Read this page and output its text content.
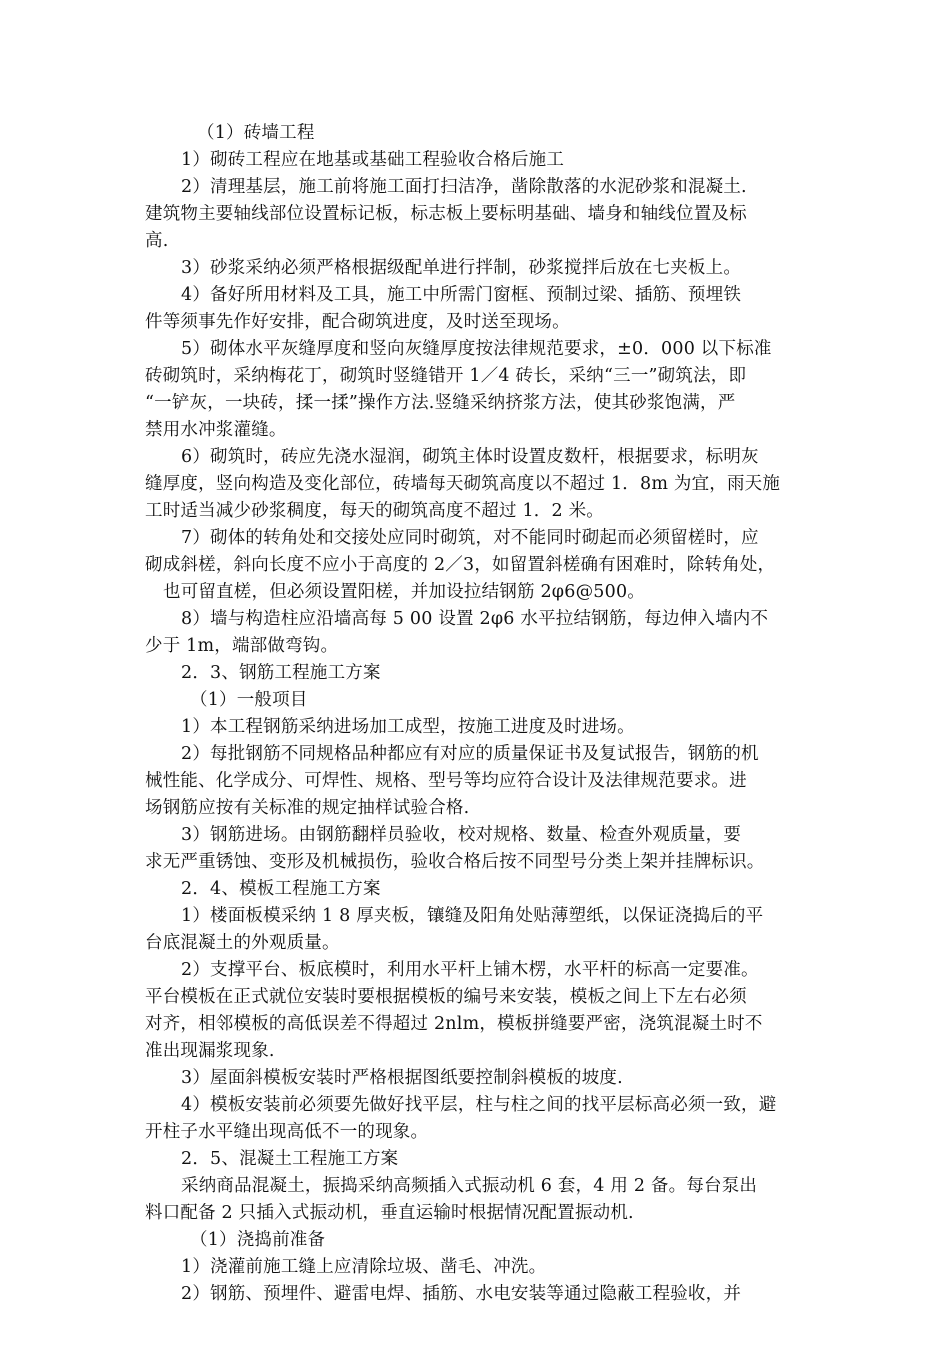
（1）砖墙工程
1）砌砖工程应在地基或基础工程验收合格后施工
2）清理基层，施工前将施工面打扫洁净，凿除散落的水泥砂浆和混凝土.
建筑物主要轴线部位设置标记板，标志板上要标明基础、墙身和轴线位置及标
高.
3）砂浆采纳必须严格根据级配单进行拌制，砂浆搅拌后放在七夹板上。
4）备好所用材料及工具，施工中所需门窗框、预制过梁、插筋、预埋铁
件等须事先作好安排，配合砌筑进度，及时送至现场。
5）砌体水平灰缝厚度和竖向灰缝厚度按法律规范要求，±0．000 以下标准
砖砌筑时，采纳梅花丁，砌筑时竖缝错开 1／4 砖长，采纳“三一”砌筑法，即
“一铲灰，一块砖，揉一揉”操作方法.竖缝采纳挤浆方法，使其砂浆饱满，严
禁用水冲浆灌缝。
6）砌筑时，砖应先浇水湿润，砌筑主体时设置皮数杆，根据要求，标明灰
缝厚度，竖向构造及变化部位，砖墙每天砌筑高度以不超过 1．8m 为宜，雨天施
工时适当减少砂浆稠度，每天的砌筑高度不超过 1．2 米。
7）砌体的转角处和交接处应同时砌筑，对不能同时砌起而必须留槎时，应
砌成斜槎，斜向长度不应小于高度的 2／3，如留置斜槎确有困难时，除转角处，
也可留直槎，但必须设置阳槎，并加设拉结钢筋 2φ6@500。
8）墙与构造柱应沿墙高每 5 00 设置 2φ6 水平拉结钢筋，每边伸入墙内不
少于 1m，端部做弯钩。
2．3、钢筋工程施工方案
（1）一般项目
1）本工程钢筋采纳进场加工成型，按施工进度及时进场。
2）每批钢筋不同规格品种都应有对应的质量保证书及复试报告，钢筋的机
械性能、化学成分、可焊性、规格、型号等均应符合设计及法律规范要求。进
场钢筋应按有关标准的规定抽样试验合格.
3）钢筋进场。由钢筋翻样员验收，校对规格、数量、检查外观质量，要
求无严重锈蚀、变形及机械损伤，验收合格后按不同型号分类上架并挂牌标识。
2．4、模板工程施工方案
1）楼面板模采纳 1 8 厚夹板，镶缝及阳角处贴薄塑纸，以保证浇捣后的平
台底混凝土的外观质量。
2）支撑平台、板底模时，利用水平杆上铺木楞，水平杆的标高一定要准。
平台模板在正式就位安装时要根据模板的编号来安装，模板之间上下左右必须
对齐，相邻模板的高低误差不得超过 2nlm，模板拼缝要严密，浇筑混凝土时不
准出现漏浆现象.
3）屋面斜模板安装时严格根据图纸要控制斜模板的坡度.
4）模板安装前必须要先做好找平层，柱与柱之间的找平层标高必须一致，避
开柱子水平缝出现高低不一的现象。
2．5、混凝土工程施工方案
采纳商品混凝土，振捣采纳高频插入式振动机 6 套，4 用 2 备。每台泵出
料口配备 2 只插入式振动机，垂直运输时根据情况配置振动机.
（1）浇捣前准备
1）浇灌前施工缝上应清除垃圾、凿毛、冲洗。
2）钢筋、预埋件、避雷电焊、插筋、水电安装等通过隐蔽工程验收，并
